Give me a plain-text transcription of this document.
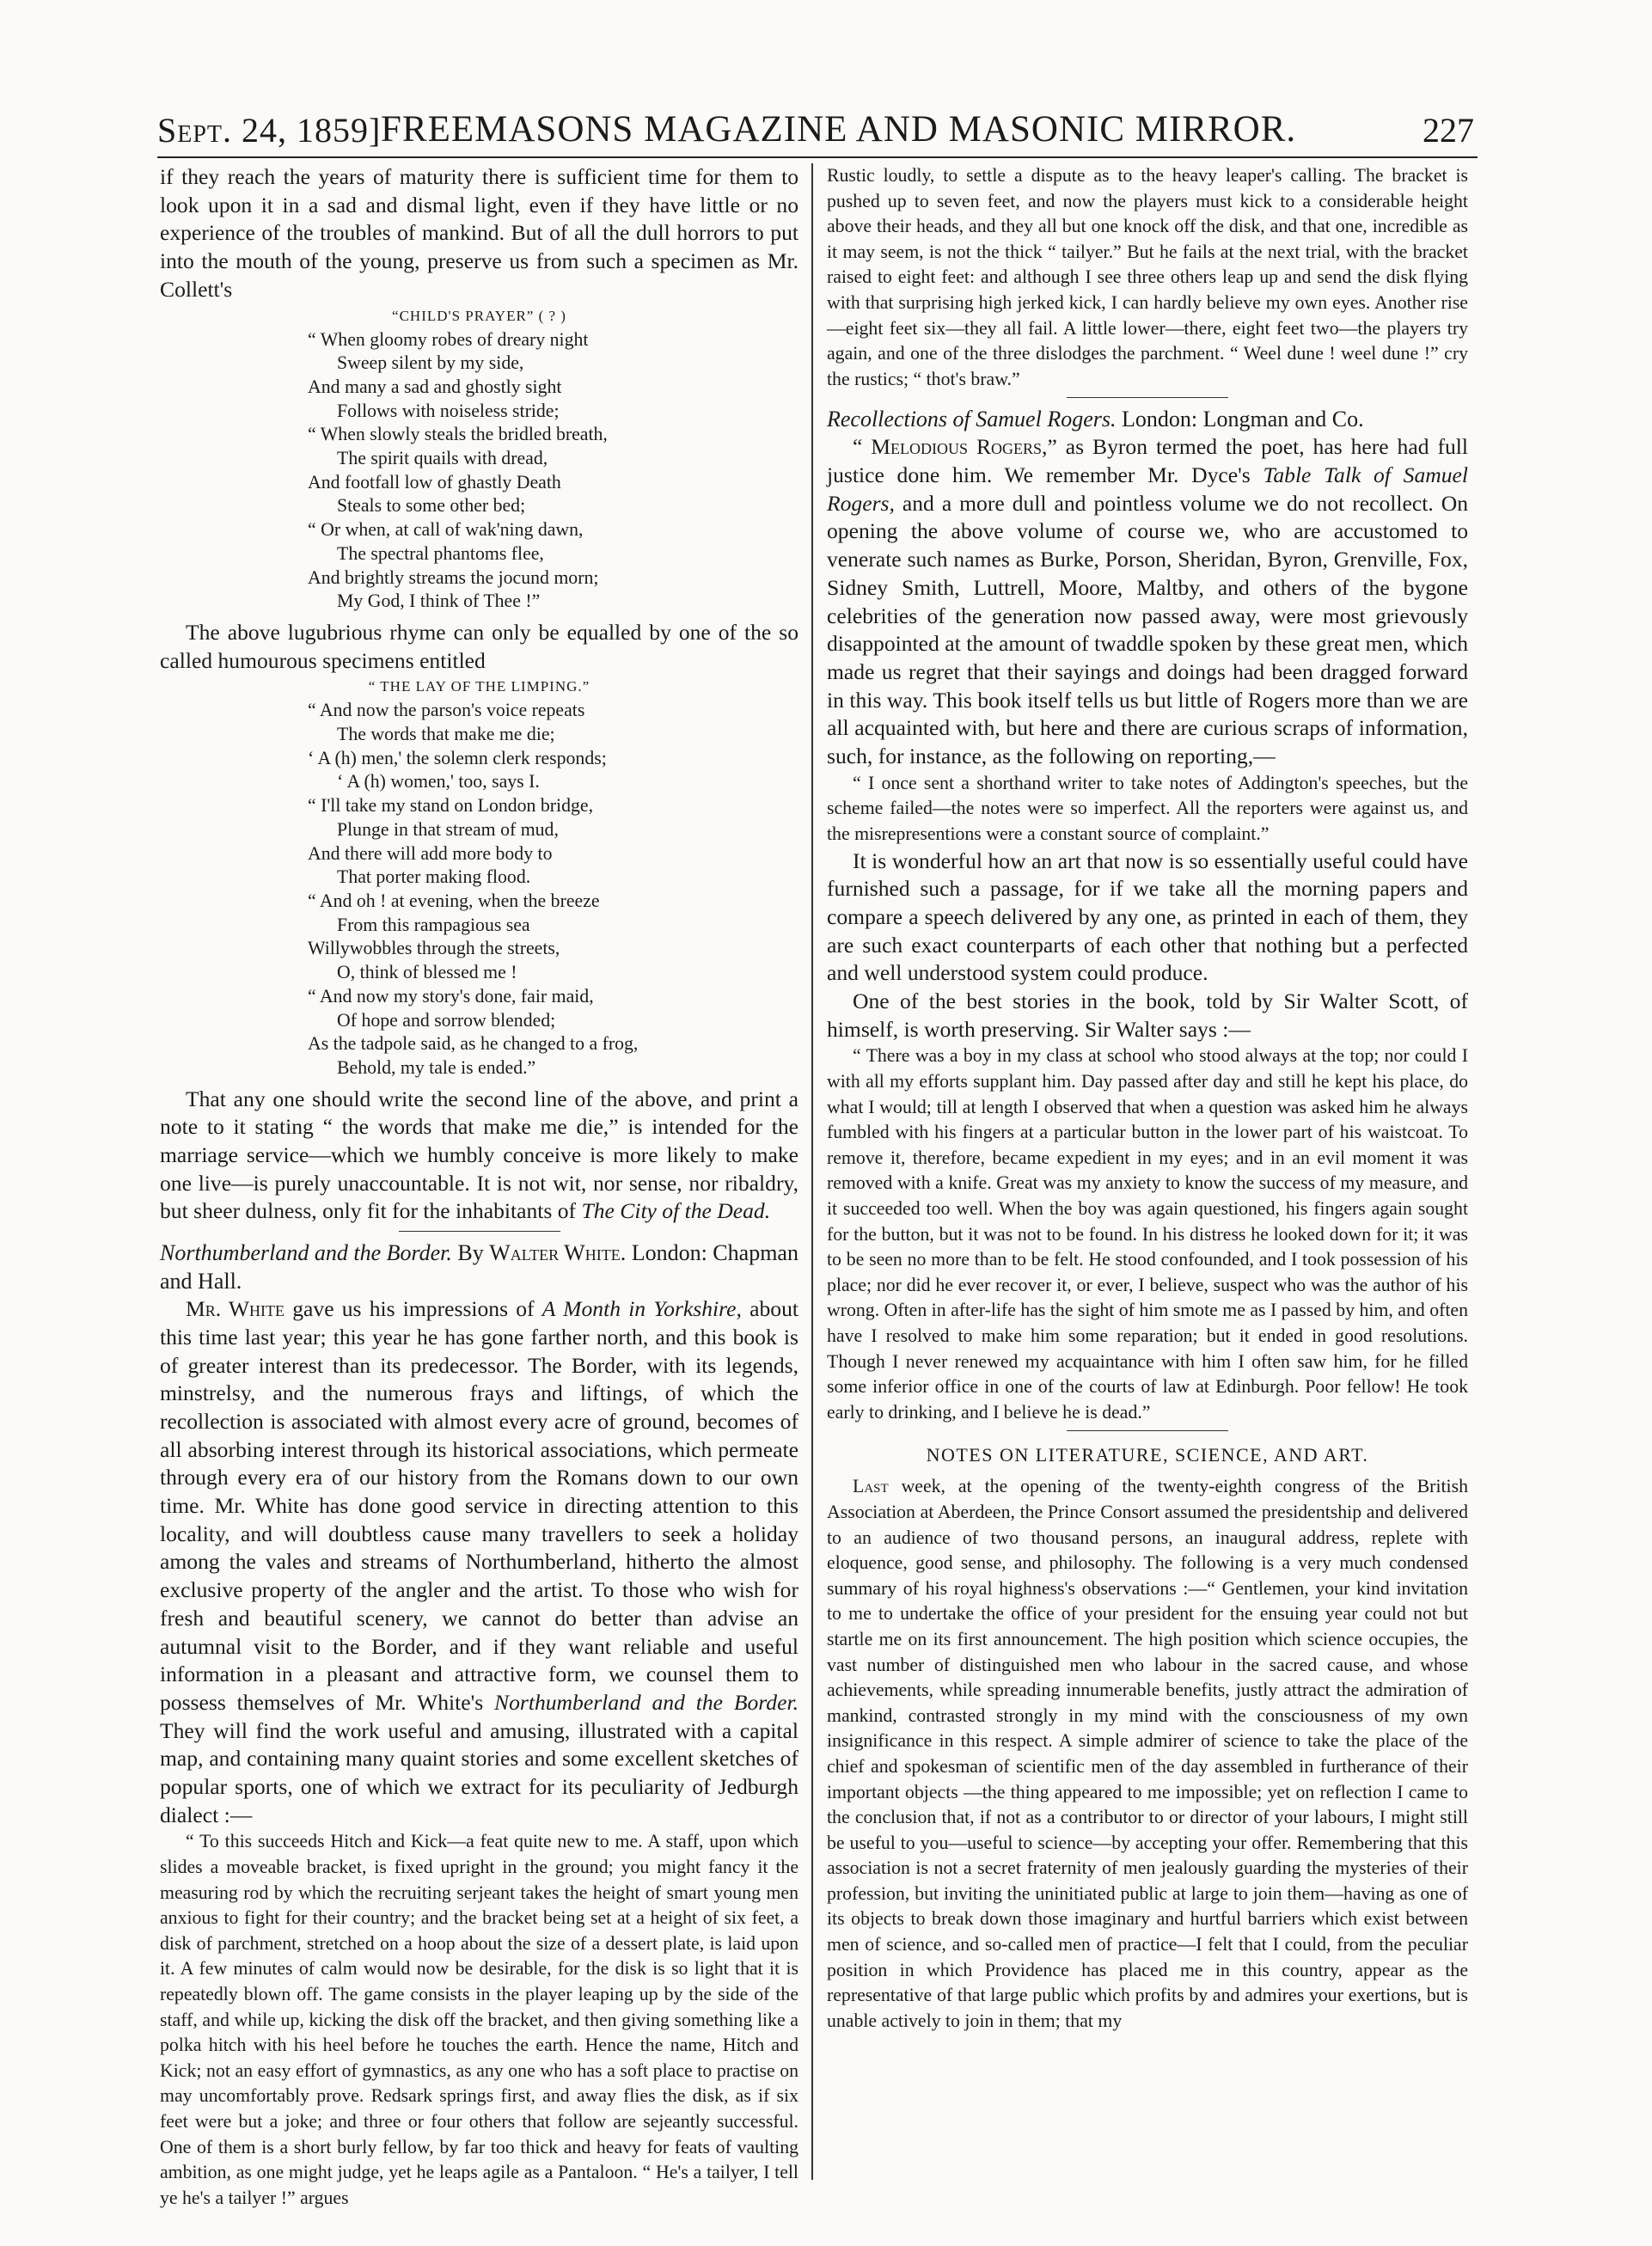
Sept. 24, 1859] FREEMASONS MAGAZINE AND MASONIC MIRROR.	227

if they reach the years of maturity there is sufficient time for them to look upon it in a sad and dismal light, even if they have little or no experience of the troubles of mankind. But of all the dull horrors to put into the mouth of the young, preserve us from such a specimen as Mr. Collett's

“CHILD'S PRAYER” ( ? )
“ When gloomy robes of dreary night
Sweep silent by my side,
And many a sad and ghostly sight
Follows with noiseless stride;
“ When slowly steals the bridled breath,
The spirit quails with dread,
And footfall low of ghastly Death
Steals to some other bed;
“ Or when, at call of wak'ning dawn,
The spectral phantoms flee,
And brightly streams the jocund morn;
My God, I think of Thee !”

The above lugubrious rhyme can only be equalled by one of the so called humourous specimens entitled

“ THE LAY OF THE LIMPING.”
“ And now the parson's voice repeats
The words that make me die;
‘ A (h) men,' the solemn clerk responds;
‘ A (h) women,' too, says I.
“ I'll take my stand on London bridge,
Plunge in that stream of mud,
And there will add more body to
That porter making flood.
“ And oh ! at evening, when the breeze
From this rampagious sea
Willywobbles through the streets,
O, think of blessed me !
“ And now my story's done, fair maid,
Of hope and sorrow blended;
As the tadpole said, as he changed to a frog,
Behold, my tale is ended.”

That any one should write the second line of the above, and print a note to it stating “ the words that make me die,” is intended for the marriage service—which we humbly conceive is more likely to make one live—is purely unaccountable. It is not wit, nor sense, nor ribaldry, but sheer dulness, only fit for the inhabitants of The City of the Dead.

Northumberland and the Border. By Walter White. London: Chapman and Hall.

Mr. White gave us his impressions of A Month in Yorkshire, about this time last year; this year he has gone farther north, and this book is of greater interest than its predecessor. The Border, with its legends, minstrelsy, and the numerous frays and liftings, of which the recollection is associated with almost every acre of ground, becomes of all absorbing interest through its historical associations, which permeate through every era of our history from the Romans down to our own time. Mr. White has done good service in directing attention to this locality, and will doubtless cause many travellers to seek a holiday among the vales and streams of Northumberland, hitherto the almost exclusive property of the angler and the artist. To those who wish for fresh and beautiful scenery, we cannot do better than advise an autumnal visit to the Border, and if they want reliable and useful information in a pleasant and attractive form, we counsel them to possess themselves of Mr. White's Northumberland and the Border. They will find the work useful and amusing, illustrated with a capital map, and containing many quaint stories and some excellent sketches of popular sports, one of which we extract for its peculiarity of Jedburgh dialect :—

“ To this succeeds Hitch and Kick—a feat quite new to me. A staff, upon which slides a moveable bracket, is fixed upright in the ground; you might fancy it the measuring rod by which the recruiting serjeant takes the height of smart young men anxious to fight for their country; and the bracket being set at a height of six feet, a disk of parchment, stretched on a hoop about the size of a dessert plate, is laid upon it. A few minutes of calm would now be desirable, for the disk is so light that it is repeatedly blown off. The game consists in the player leaping up by the side of the staff, and while up, kicking the disk off the bracket, and then giving something like a polka hitch with his heel before he touches the earth. Hence the name, Hitch and Kick; not an easy effort of gymnastics, as any one who has a soft place to practise on may uncomfortably prove. Redsark springs first, and away flies the disk, as if six feet were but a joke; and three or four others that follow are sejeantly successful. One of them is a short burly fellow, by far too thick and heavy for feats of vaulting ambition, as one might judge, yet he leaps agile as a Pantaloon. “ He's a tailyer, I tell ye he's a tailyer !” argues

Rustic loudly, to settle a dispute as to the heavy leaper's calling. The bracket is pushed up to seven feet, and now the players must kick to a considerable height above their heads, and they all but one knock off the disk, and that one, incredible as it may seem, is not the thick “ tailyer.” But he fails at the next trial, with the bracket raised to eight feet: and although I see three others leap up and send the disk flying with that surprising high jerked kick, I can hardly believe my own eyes. Another rise—eight feet six—they all fail. A little lower—there, eight feet two—the players try again, and one of the three dislodges the parchment. “ Weel dune ! weel dune !” cry the rustics; “ thot's braw.”

Recollections of Samuel Rogers. London: Longman and Co.

“ Melodious Rogers,” as Byron termed the poet, has here had full justice done him. We remember Mr. Dyce's Table Talk of Samuel Rogers, and a more dull and pointless volume we do not recollect. On opening the above volume of course we, who are accustomed to venerate such names as Burke, Porson, Sheridan, Byron, Grenville, Fox, Sidney Smith, Luttrell, Moore, Maltby, and others of the bygone celebrities of the generation now passed away, were most grievously disappointed at the amount of twaddle spoken by these great men, which made us regret that their sayings and doings had been dragged forward in this way. This book itself tells us but little of Rogers more than we are all acquainted with, but here and there are curious scraps of information, such, for instance, as the following on reporting,—

“ I once sent a shorthand writer to take notes of Addington's speeches, but the scheme failed—the notes were so imperfect. All the reporters were against us, and the misrepresentions were a constant source of complaint.”

It is wonderful how an art that now is so essentially useful could have furnished such a passage, for if we take all the morning papers and compare a speech delivered by any one, as printed in each of them, they are such exact counterparts of each other that nothing but a perfected and well understood system could produce.

One of the best stories in the book, told by Sir Walter Scott, of himself, is worth preserving. Sir Walter says :—

“ There was a boy in my class at school who stood always at the top; nor could I with all my efforts supplant him. Day passed after day and still he kept his place, do what I would; till at length I observed that when a question was asked him he always fumbled with his fingers at a particular button in the lower part of his waistcoat. To remove it, therefore, became expedient in my eyes; and in an evil moment it was removed with a knife. Great was my anxiety to know the success of my measure, and it succeeded too well. When the boy was again questioned, his fingers again sought for the button, but it was not to be found. In his distress he looked down for it; it was to be seen no more than to be felt. He stood confounded, and I took possession of his place; nor did he ever recover it, or ever, I believe, suspect who was the author of his wrong. Often in after-life has the sight of him smote me as I passed by him, and often have I resolved to make him some reparation; but it ended in good resolutions. Though I never renewed my acquaintance with him I often saw him, for he filled some inferior office in one of the courts of law at Edinburgh. Poor fellow! He took early to drinking, and I believe he is dead.”

NOTES ON LITERATURE, SCIENCE, AND ART.

Last week, at the opening of the twenty-eighth congress of the British Association at Aberdeen, the Prince Consort assumed the presidentship and delivered to an audience of two thousand persons, an inaugural address, replete with eloquence, good sense, and philosophy. The following is a very much condensed summary of his royal highness's observations :—“ Gentlemen, your kind invitation to me to undertake the office of your president for the ensuing year could not but startle me on its first announcement. The high position which science occupies, the vast number of distinguished men who labour in the sacred cause, and whose achievements, while spreading innumerable benefits, justly attract the admiration of mankind, contrasted strongly in my mind with the consciousness of my own insignificance in this respect. A simple admirer of science to take the place of the chief and spokesman of scientific men of the day assembled in furtherance of their important objects —the thing appeared to me impossible; yet on reflection I came to the conclusion that, if not as a contributor to or director of your labours, I might still be useful to you—useful to science—by accepting your offer. Remembering that this association is not a secret fraternity of men jealously guarding the mysteries of their profession, but inviting the uninitiated public at large to join them—having as one of its objects to break down those imaginary and hurtful barriers which exist between men of science, and so-called men of practice—I felt that I could, from the peculiar position in which Providence has placed me in this country, appear as the representative of that large public which profits by and admires your exertions, but is unable actively to join in them; that my
